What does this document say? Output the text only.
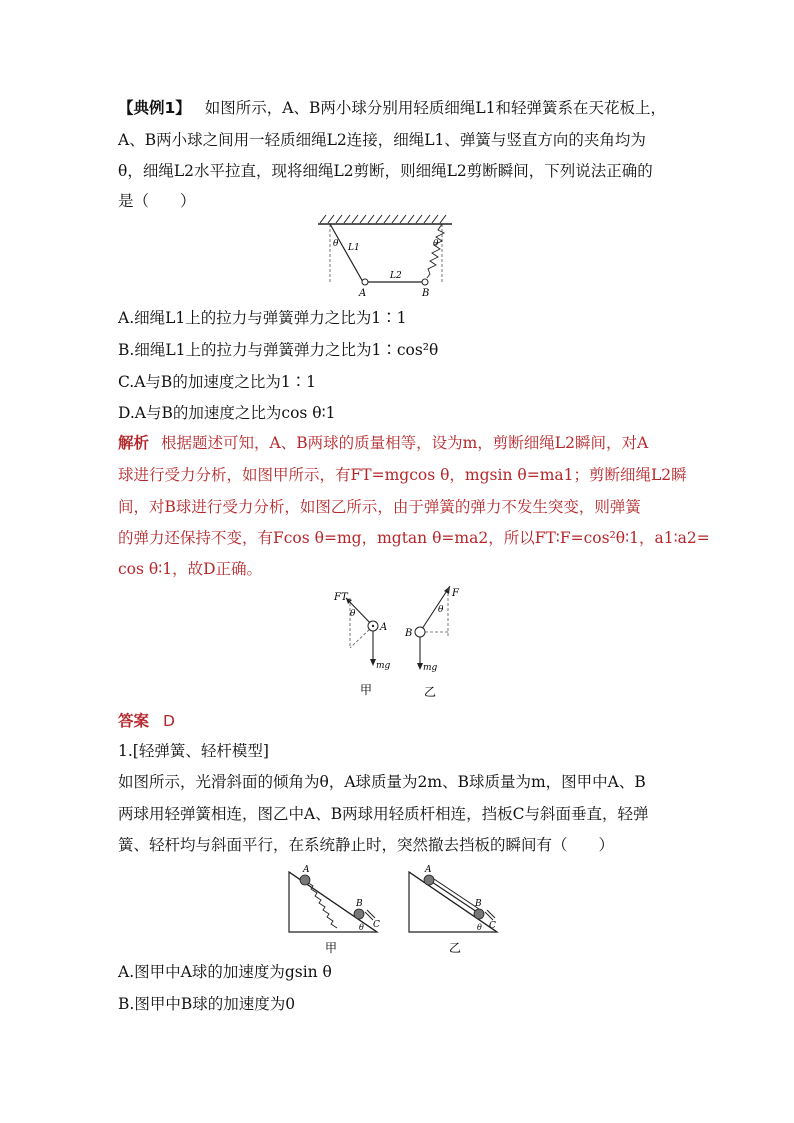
【典例1】 如图所示，A、B两小球分别用轻质细绳L1和轻弹簧系在天花板上，
A、B两小球之间用一轻质细绳L2连接，细绳L1、弹簧与竖直方向的夹角均为
θ，细绳L2水平拉直，现将细绳L2剪断，则细绳L2剪断瞬间，下列说法正确的
是（　　）
θ	θ
L1
L2
A	B
A.细绳L1上的拉力与弹簧弹力之比为1∶1
B.细绳L1上的拉力与弹簧弹力之比为1∶cos²θ
C.A与B的加速度之比为1∶1
D.A与B的加速度之比为cos θ∶1
解析 根据题述可知，A、B两球的质量相等，设为m，剪断细绳L2瞬间，对A
球进行受力分析，如图甲所示，有FT=mgcos θ，mgsin θ=ma1；剪断细绳L2瞬
间，对B球进行受力分析，如图乙所示，由于弹簧的弹力不发生突变，则弹簧
的弹力还保持不变，有Fcos θ=mg，mgtan θ=ma2，所以FT∶F=cos²θ∶1，a1∶a2=
cos θ∶1，故D正确。
FT
θ
A
mg
甲
F
θ
B
mg
乙
答案 D
1.[轻弹簧、轻杆模型]
如图所示，光滑斜面的倾角为θ，A球质量为2m、B球质量为m，图甲中A、B
两球用轻弹簧相连，图乙中A、B两球用轻质杆相连，挡板C与斜面垂直，轻弹
簧、轻杆均与斜面平行，在系统静止时，突然撤去挡板的瞬间有（　　）
A
B
C
θ
甲
A
B
C
θ
乙
A.图甲中A球的加速度为gsin θ
B.图甲中B球的加速度为0
